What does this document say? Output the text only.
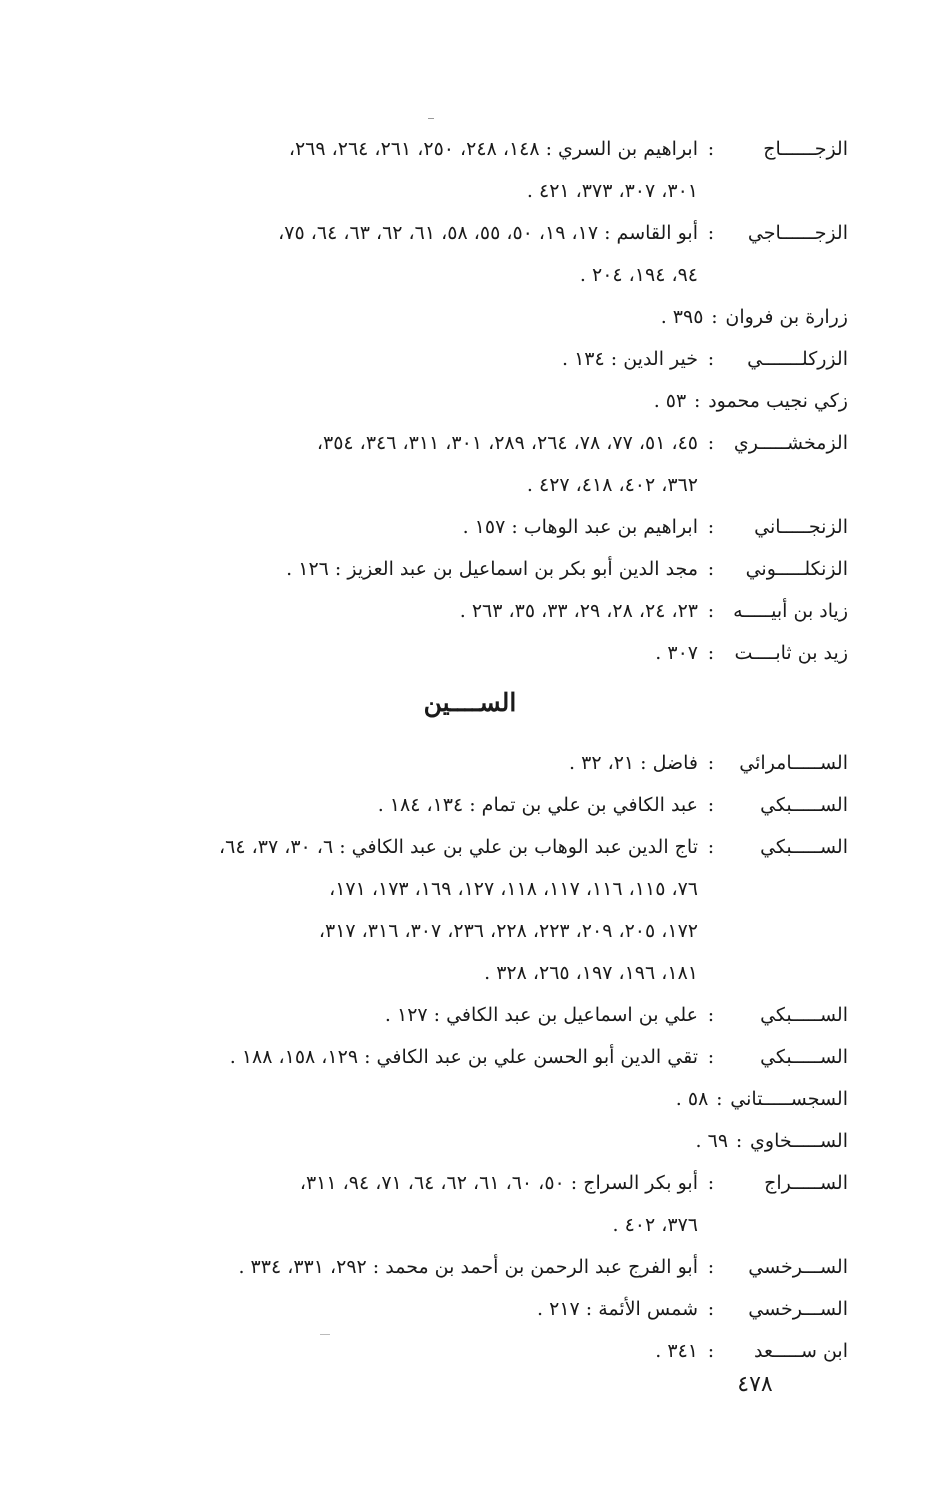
الزجــــــاج
:
ابراهيم بن السري : ١٤٨، ٢٤٨، ٢٥٠، ٢٦١، ٢٦٤، ٢٦٩،
٣٠١، ٣٠٧، ٣٧٣، ٤٢١ .
الزجــــــاجي
:
أبو القاسم : ١٧، ١٩، ٥٠، ٥٥، ٥٨، ٦١، ٦٢، ٦٣، ٦٤، ٧٥،
٩٤، ١٩٤، ٢٠٤ .
زرارة بن فروان
:
٣٩٥ .
الزركلـــــــي
:
خير الدين : ١٣٤ .
زكي نجيب محمود
:
٥٣ .
الزمخشـــــري
:
٤٥، ٥١، ٧٧، ٧٨، ٢٦٤، ٢٨٩، ٣٠١، ٣١١، ٣٤٦، ٣٥٤،
٣٦٢، ٤٠٢، ٤١٨، ٤٢٧ .
الزنجـــــاني
:
ابراهيم بن عبد الوهاب : ١٥٧ .
الزنكلـــــوني
:
مجد الدين أبو بكر بن اسماعيل بن عبد العزيز : ١٢٦ .
زياد بن أبيـــــه
:
٢٣، ٢٤، ٢٨، ٢٩، ٣٣، ٣٥، ٢٦٣ .
زيد بن ثابــــت
:
٣٠٧ .
الســــين
الســـــامرائي
:
فاضل : ٢١، ٣٢ .
الســـــبكي
:
عبد الكافي بن علي بن تمام : ١٣٤، ١٨٤ .
الســـــبكي
:
تاج الدين عبد الوهاب بن علي بن عبد الكافي : ٦، ٣٠، ٣٧، ٦٤،
٧٦، ١١٥، ١١٦، ١١٧، ١١٨، ١٢٧، ١٦٩، ١٧٣، ١٧١،
١٧٢، ٢٠٥، ٢٠٩، ٢٢٣، ٢٢٨، ٢٣٦، ٣٠٧، ٣١٦، ٣١٧،
١٨١، ١٩٦، ١٩٧، ٢٦٥، ٣٢٨ .
الســـــبكي
:
علي بن اسماعيل بن عبد الكافي : ١٢٧ .
الســـــبكي
:
تقي الدين أبو الحسن علي بن عبد الكافي : ١٢٩، ١٥٨، ١٨٨ .
السجســـــتاني
:
٥٨ .
الســـــخاوي
:
٦٩ .
الســـــراج
:
أبو بكر السراج : ٥٠، ٦٠، ٦١، ٦٢، ٦٤، ٧١، ٩٤، ٣١١،
٣٧٦، ٤٠٢ .
الســـرخسي
:
أبو الفرج عبد الرحمن بن أحمد بن محمد : ٢٩٢، ٣٣١، ٣٣٤ .
الســـرخسي
:
شمس الأئمة : ٢١٧ .
ابن ســـــعد
:
٣٤١ .
٤٧٨
